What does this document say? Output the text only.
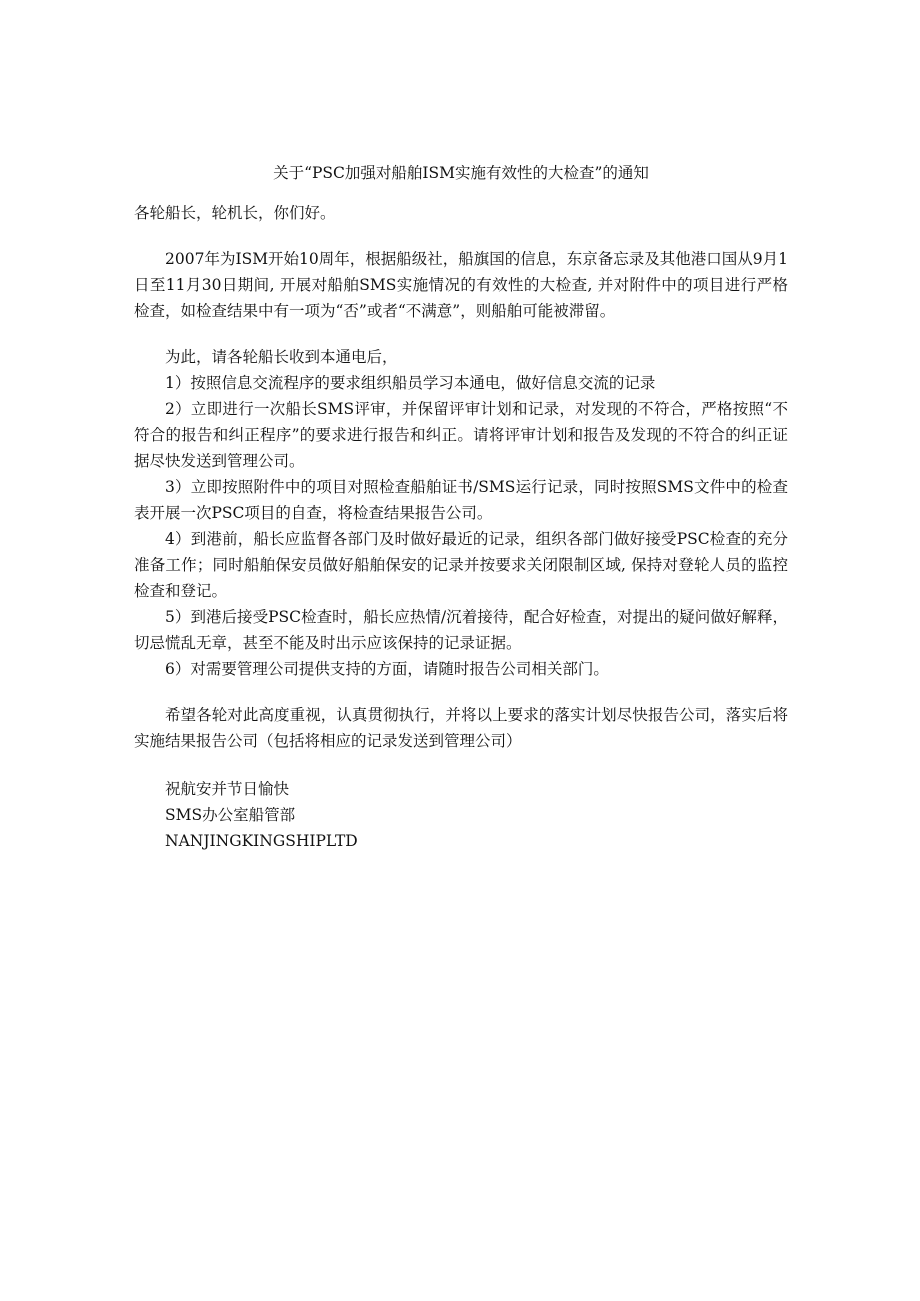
关于“PSC加强对船舶ISM实施有效性的大检查”的通知

各轮船长，轮机长，你们好。

2007年为ISM开始10周年，根据船级社，船旗国的信息，东京备忘录及其他港口国从9月1日至11月30日期间, 开展对船舶SMS实施情况的有效性的大检查, 并对附件中的项目进行严格检查，如检查结果中有一项为“否”或者“不满意”，则船舶可能被滞留。

为此，请各轮船长收到本通电后，

1）按照信息交流程序的要求组织船员学习本通电，做好信息交流的记录

2）立即进行一次船长SMS评审，并保留评审计划和记录，对发现的不符合，严格按照“不符合的报告和纠正程序”的要求进行报告和纠正。请将评审计划和报告及发现的不符合的纠正证据尽快发送到管理公司。

3）立即按照附件中的项目对照检查船舶证书/SMS运行记录，同时按照SMS文件中的检查表开展一次PSC项目的自查，将检查结果报告公司。

4）到港前，船长应监督各部门及时做好最近的记录，组织各部门做好接受PSC检查的充分准备工作；同时船舶保安员做好船舶保安的记录并按要求关闭限制区域, 保持对登轮人员的监控检查和登记。

5）到港后接受PSC检查时，船长应热情/沉着接待，配合好检查，对提出的疑问做好解释，切忌慌乱无章，甚至不能及时出示应该保持的记录证据。

6）对需要管理公司提供支持的方面，请随时报告公司相关部门。

希望各轮对此高度重视，认真贯彻执行，并将以上要求的落实计划尽快报告公司，落实后将实施结果报告公司（包括将相应的记录发送到管理公司）

祝航安并节日愉快
SMS办公室船管部
NANJINGKINGSHIPLTD
